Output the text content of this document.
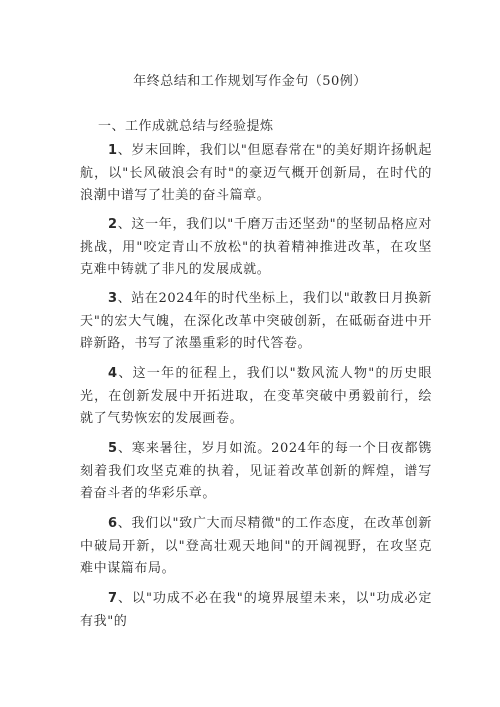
年终总结和工作规划写作金句（50例）
一、工作成就总结与经验提炼

1、岁末回眸，我们以"但愿春常在"的美好期许扬帆起航，以"长风破浪会有时"的豪迈气概开创新局，在时代的浪潮中谱写了壮美的奋斗篇章。

2、这一年，我们以"千磨万击还坚劲"的坚韧品格应对挑战，用"咬定青山不放松"的执着精神推进改革，在攻坚克难中铸就了非凡的发展成就。

3、站在2024年的时代坐标上，我们以"敢教日月换新天"的宏大气魄，在深化改革中突破创新，在砥砺奋进中开辟新路，书写了浓墨重彩的时代答卷。

4、这一年的征程上，我们以"数风流人物"的历史眼光，在创新发展中开拓进取，在变革突破中勇毅前行，绘就了气势恢宏的发展画卷。

5、寒来暑往，岁月如流。2024年的每一个日夜都镌刻着我们攻坚克难的执着，见证着改革创新的辉煌，谱写着奋斗者的华彩乐章。

6、我们以"致广大而尽精微"的工作态度，在改革创新中破局开新，以"登高壮观天地间"的开阔视野，在攻坚克难中谋篇布局。

7、以"功成不必在我"的境界展望未来，以"功成必定有我"的
